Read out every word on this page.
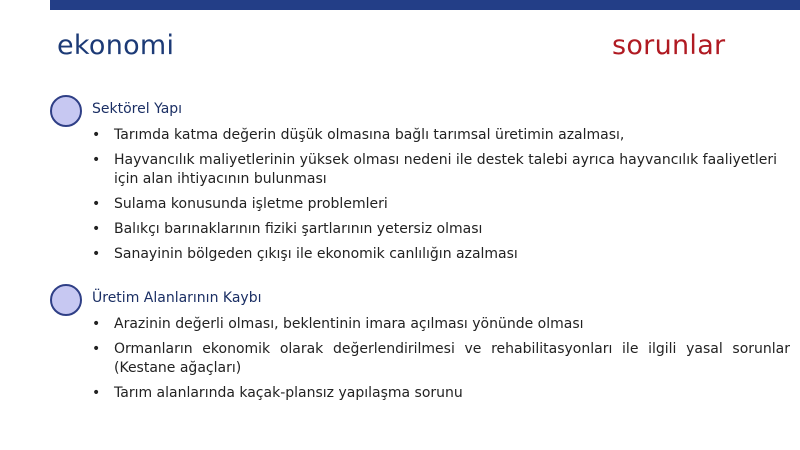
ekonomi	sorunlar
Sektörel Yapı
• Tarımda katma değerin düşük olmasına bağlı tarımsal üretimin azalması,
• Hayvancılık maliyetlerinin yüksek olması nedeni ile destek talebi ayrıca hayvancılık faaliyetleri için alan ihtiyacının bulunması
• Sulama konusunda işletme problemleri
• Balıkçı barınaklarının fiziki şartlarının yetersiz olması
• Sanayinin bölgeden çıkışı ile ekonomik canlılığın azalması
Üretim Alanlarının Kaybı
• Arazinin değerli olması, beklentinin imara açılması yönünde olması
• Ormanların ekonomik olarak değerlendirilmesi ve rehabilitasyonları ile ilgili yasal sorunlar (Kestane ağaçları)
• Tarım alanlarında kaçak-plansız yapılaşma sorunu
